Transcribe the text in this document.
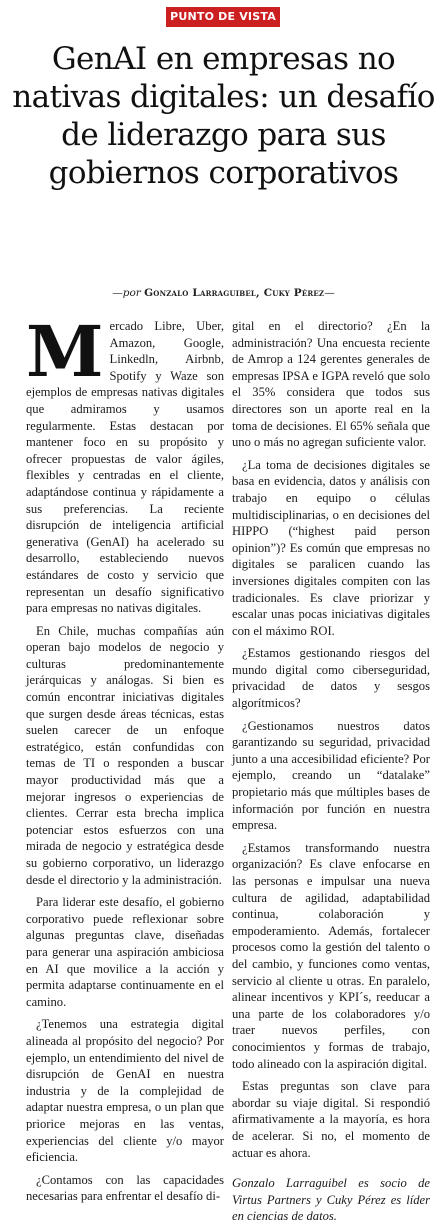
PUNTO DE VISTA
GenAI en empresas no nativas digitales: un desafío de liderazgo para sus gobiernos corporativos
—por Gonzalo Larraguibel, Cuky Pérez—

Mercado Libre, Uber, Amazon, Google, Linkedln, Airbnb, Spotify y Waze son ejemplos de empresas nativas digitales que admiramos y usamos regularmente. Estas destacan por mantener foco en su propósito y ofrecer propuestas de valor ágiles, flexibles y centradas en el cliente, adaptándose continua y rápidamente a sus preferencias. La reciente disrupción de inteligencia artificial generativa (GenAI) ha acelerado su desarrollo, estableciendo nuevos estándares de costo y servicio que representan un desafío significativo para empresas no nativas digitales.

En Chile, muchas compañías aún operan bajo modelos de negocio y culturas predominantemente jerárquicas y análogas. Si bien es común encontrar iniciativas digitales que surgen desde áreas técnicas, estas suelen carecer de un enfoque estratégico, están confundidas con temas de TI o responden a buscar mayor productividad más que a mejorar ingresos o experiencias de clientes. Cerrar esta brecha implica potenciar estos esfuerzos con una mirada de negocio y estratégica desde su gobierno corporativo, un liderazgo desde el directorio y la administración.

Para liderar este desafío, el gobierno corporativo puede reflexionar sobre algunas preguntas clave, diseñadas para generar una aspiración ambiciosa en AI que movilice a la acción y permita adaptarse continuamente en el camino.

¿Tenemos una estrategia digital alineada al propósito del negocio? Por ejemplo, un entendimiento del nivel de disrupción de GenAI en nuestra industria y de la complejidad de adaptar nuestra empresa, o un plan que priorice mejoras en las ventas, experiencias del cliente y/o mayor eficiencia.

¿Contamos con las capacidades necesarias para enfrentar el desafío di-

gital en el directorio? ¿En la administración? Una encuesta reciente de Amrop a 124 gerentes generales de empresas IPSA e IGPA reveló que solo el 35% considera que todos sus directores son un aporte real en la toma de decisiones. El 65% señala que uno o más no agregan suficiente valor.

¿La toma de decisiones digitales se basa en evidencia, datos y análisis con trabajo en equipo o células multidisciplinarias, o en decisiones del HIPPO (“highest paid person opinion”)? Es común que empresas no digitales se paralicen cuando las inversiones digitales compiten con las tradicionales. Es clave priorizar y escalar unas pocas iniciativas digitales con el máximo ROI.

¿Estamos gestionando riesgos del mundo digital como ciberseguridad, privacidad de datos y sesgos algorítmicos?

¿Gestionamos nuestros datos garantizando su seguridad, privacidad junto a una accesibilidad eficiente? Por ejemplo, creando un “datalake” propietario más que múltiples bases de información por función en nuestra empresa.

¿Estamos transformando nuestra organización? Es clave enfocarse en las personas e impulsar una nueva cultura de agilidad, adaptabilidad continua, colaboración y empoderamiento. Además, fortalecer procesos como la gestión del talento o del cambio, y funciones como ventas, servicio al cliente u otras. En paralelo, alinear incentivos y KPI´s, reeducar a una parte de los colaboradores y/o traer nuevos perfiles, con conocimientos y formas de trabajo, todo alineado con la aspiración digital.

Estas preguntas son clave para abordar su viaje digital. Si respondió afirmativamente a la mayoría, es hora de acelerar. Si no, el momento de actuar es ahora.

Gonzalo Larraguibel es socio de Virtus Partners y Cuky Pérez es líder en ciencias de datos.
